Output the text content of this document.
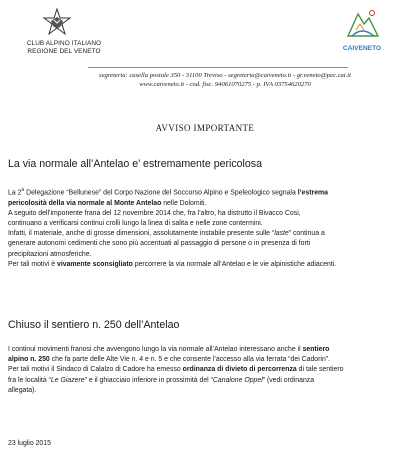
CLUB ALPINO ITALIANO
REGIONE DEL VENETO	CAIVENETO
segreteria: casella postale 350 - 31100 Treviso - segreteria@caiveneto.it - gr.veneto@pec.cai.it
www.caiveneto.it - cod. fisc. 94061070275 - p. IVA 03754620270
AVVISO IMPORTANTE
La via normale all’Antelao e’ estremamente pericolosa
La 2$^a$ Delegazione “Bellunese” del Corpo Nazione del Soccorso Alpino e Speleologico segnala l’estrema
pericolosità della via normale al Monte Antelao nelle Dolomiti.
A seguito dell’imponente frana del 12 novembre 2014 che, fra l’altro, ha distrutto il Bivacco Cosi,
continuano a verificarsi continui crolli lungo la linea di salita e nelle zone contermini.
Infatti, il materiale, anche di grosse dimensioni, assolutamente instabile presente sulle “laste” continua a
generare autonomi cedimenti che sono più accentuati al passaggio di persone o in presenza di forti
precipitazioni atmosferiche.
Per tali motivi è vivamente sconsigliato percorrere la via normale all’Antelao e le vie alpinistiche adiacenti.
Chiuso il sentiero n. 250 dell’Antelao
I continui movimenti franosi che avvengono lungo la via normale all’Antelao interessano anche il sentiero
alpino n. 250 che fa parte delle Alte Vie n. 4 e n. 5 e che consente l’accesso alla via ferrata “dei Cadorin”.
Per tali motivi il Sindaco di Calalzo di Cadore ha emesso ordinanza di divieto di percorrenza di tale sentiero
fra le località “Le Giazere” e il ghiacciaio inferiore in prossimità del “Canalone Oppel” (vedi ordinanza
allegata).
23 luglio 2015
